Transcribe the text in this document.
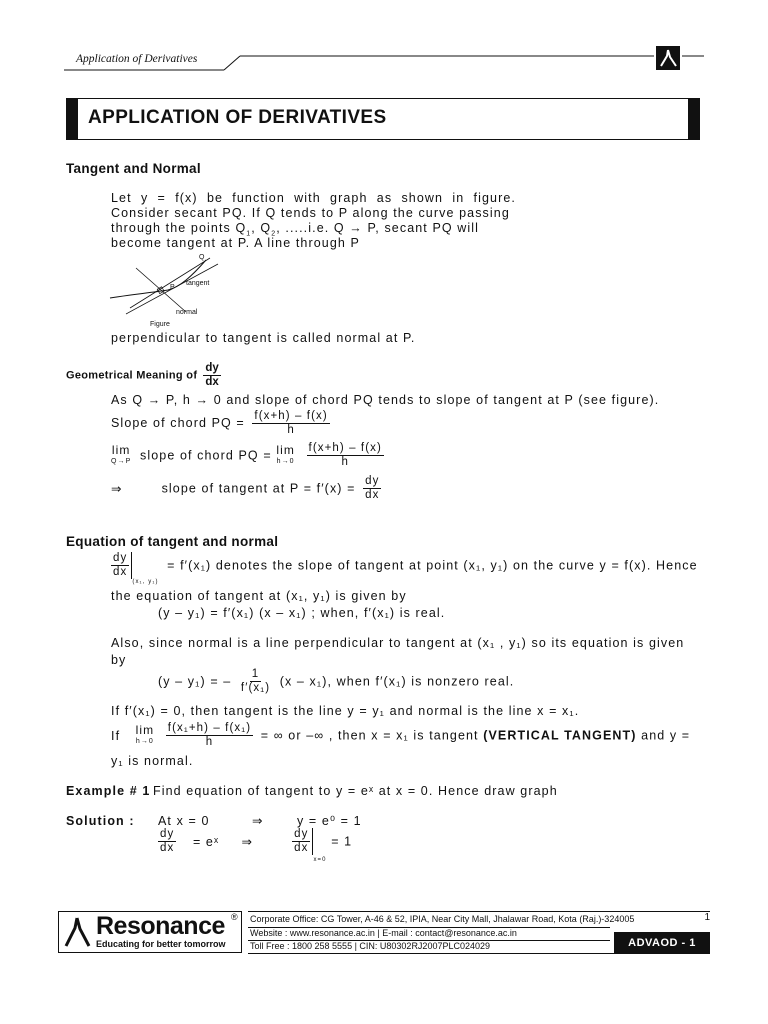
Application of Derivatives
APPLICATION OF DERIVATIVES
Tangent and Normal
Let y = f(x) be function with graph as shown in figure.
Consider secant PQ. If Q tends to P along the curve passing
through the points $Q_1$, $Q_2$, .....i.e. Q → P, secant PQ will
become tangent at P. A line through P
Q
P
tangent
normal
Figure
perpendicular to tangent is called normal at P.
Geometrical Meaning of $\frac{dy}{dx}$
As Q → P, h → 0 and slope of chord PQ tends to slope of tangent at P (see figure).
Slope of chord PQ = $\frac{f(x+h) - f(x)}{h}$
lim
Q→P slope of chord PQ = lim
h→0
$\frac{f(x+h) - f(x)}{h}$
⇒	slope of tangent at $P = f'(x) = \frac{dy}{dx}$
Equation of tangent and normal
$\frac{dy}{dx}$
$_{(x_1, y_1)}$ = f′(x₁) denotes the slope of tangent at point (x₁, y₁) on the curve y = f(x). Hence
the equation of tangent at (x₁, y₁) is given by
(y – y₁) = f′(x₁) (x – x₁) ; when, f′(x₁) is real.
Also, since normal is a line perpendicular to tangent at (x₁ , y₁) so its equation is given
by
(y – y₁) = – $\frac{1}{\text{f′(x₁)}} (x - x_1)$, when f′(x₁) is nonzero real.
If f′(x₁) = 0, then tangent is the line y = y₁ and normal is the line x = x₁.
If lim
h→0
$\frac{\text{f(x₁+h) – f(x₁)}}{h}$ = ∞ or –∞ , then x = x₁ is tangent (VERTICAL TANGENT) and y =
y₁ is normal.
Example # 1 Find equation of tangent to y = eˣ at x = 0. Hence draw graph
Solution : At x = 0	⇒	y = e⁰ = 1
$\frac{dy}{dx}$ = eˣ ⇒	$\frac{dy}{dx}$
$_{x=0}$ = 1
Resonance ®
Educating for better tomorrow
Corporate Office: CG Tower, A-46 & 52, IPIA, Near City Mall, Jhalawar Road, Kota (Raj.)-324005	1
Website : www.resonance.ac.in | E-mail : contact@resonance.ac.in
Toll Free : 1800 258 5555 | CIN: U80302RJ2007PLC024029	ADVAOD - 1
